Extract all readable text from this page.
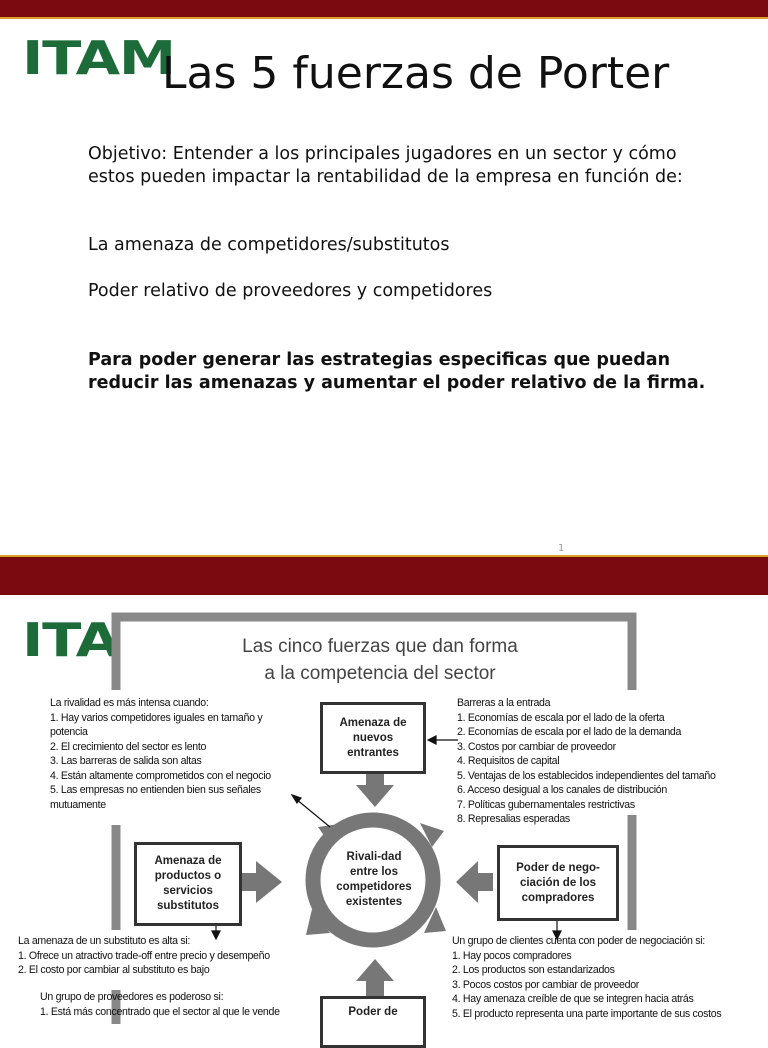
ITAM
Las 5 fuerzas de Porter
Objetivo: Entender a los principales jugadores en un sector y cómo estos pueden impactar la rentabilidad de la empresa en función de:
La amenaza de competidores/substitutos
Poder relativo de proveedores y competidores
Para poder generar las estrategias especificas que puedan reducir las amenazas y aumentar el poder relativo de la firma.
1
ITA	Las cinco fuerzas que dan forma
a la competencia del sector
Amenaza de nuevos entrantes
Amenaza de productos o servicios substitutos
Poder de nego-ciación de los compradores
Poder de
Rivali-dad entre los competidores existentes
La rivalidad es más intensa cuando:
1. Hay varios competidores iguales en tamaño y
potencia
2. El crecimiento del sector es lento
3. Las barreras de salida son altas
4. Están altamente comprometidos con el negocio
5. Las empresas no entienden bien sus señales
mutuamente
Barreras a la entrada
1. Economías de escala por el lado de la oferta
2. Economías de escala por el lado de la demanda
3. Costos por cambiar de proveedor
4. Requisitos de capital
5. Ventajas de los establecidos independientes del tamaño
6. Acceso desigual a los canales de distribución
7. Políticas gubernamentales restrictivas
8. Represalias esperadas
La amenaza de un substituto es alta si:
1. Ofrece un atractivo trade-off entre precio y desempeño
2. El costo por cambiar al substituto es bajo
Un grupo de clientes cuenta con poder de negociación si:
1. Hay pocos compradores
2. Los productos son estandarizados
3. Pocos costos por cambiar de proveedor
4. Hay amenaza creíble de que se integren hacia atrás
5. El producto representa una parte importante de sus costos
Un grupo de proveedores es poderoso si:
1. Está más concentrado que el sector al que le vende
